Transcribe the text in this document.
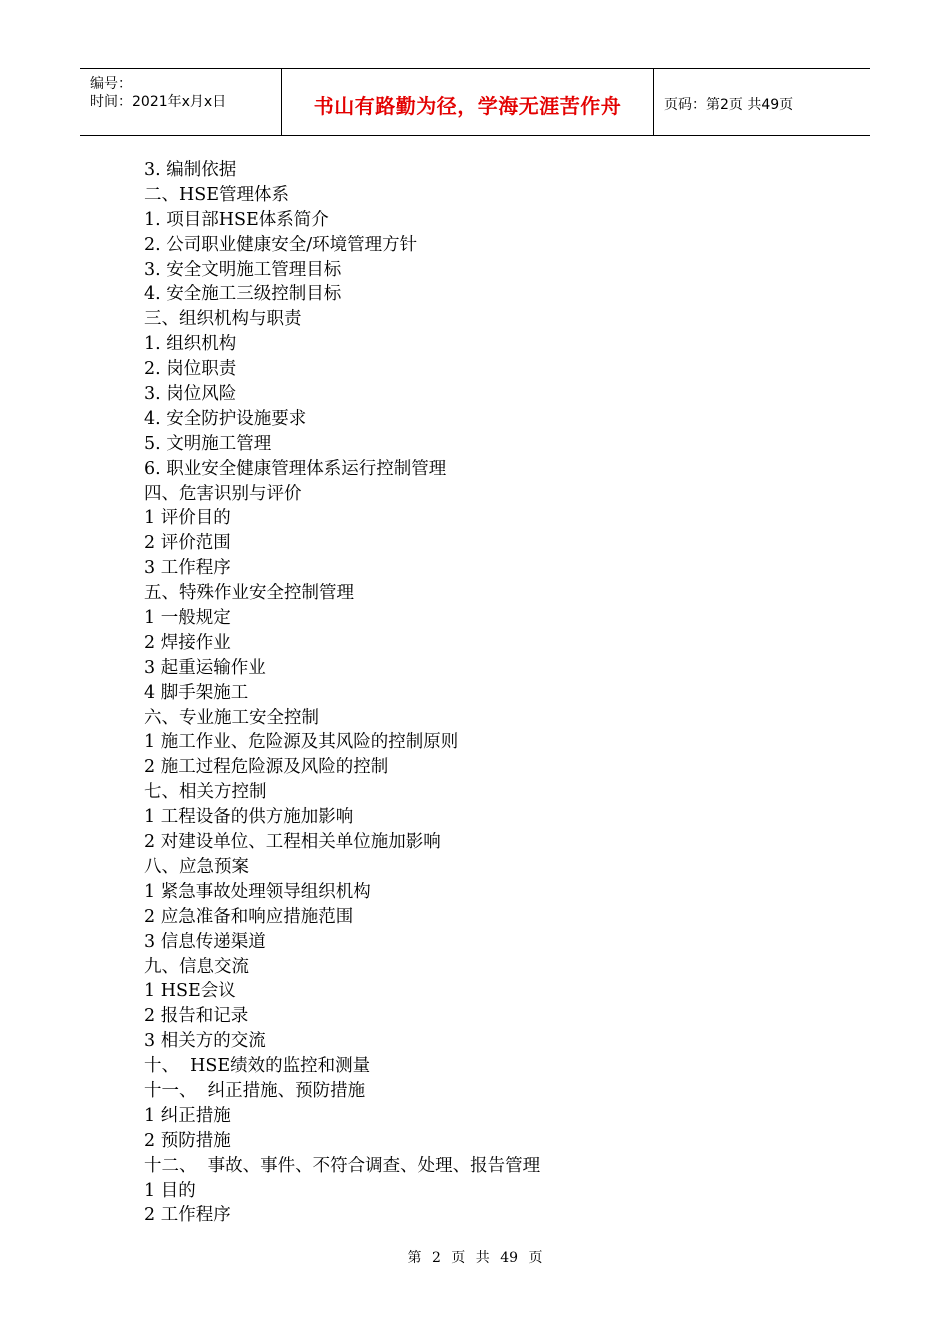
编号：
时间：2021年x月x日	书山有路勤为径，学海无涯苦作舟	页码：第2页 共49页
3. 编制依据
二、HSE管理体系
1. 项目部HSE体系简介
2. 公司职业健康安全/环境管理方针
3. 安全文明施工管理目标
4. 安全施工三级控制目标
三、组织机构与职责
1. 组织机构
2. 岗位职责
3. 岗位风险
4. 安全防护设施要求
5. 文明施工管理
6. 职业安全健康管理体系运行控制管理
四、危害识别与评价
1 评价目的
2 评价范围
3 工作程序
五、特殊作业安全控制管理
1 一般规定
2 焊接作业
3 起重运输作业
4 脚手架施工
六、专业施工安全控制
1 施工作业、危险源及其风险的控制原则
2 施工过程危险源及风险的控制
七、相关方控制
1 工程设备的供方施加影响
2 对建设单位、工程相关单位施加影响
八、应急预案
1 紧急事故处理领导组织机构
2 应急准备和响应措施范围
3 信息传递渠道
九、信息交流
1 HSE会议
2 报告和记录
3 相关方的交流
十、  HSE绩效的监控和测量
十一、  纠正措施、预防措施
1 纠正措施
2 预防措施
十二、  事故、事件、不符合调查、处理、报告管理
1 目的
2 工作程序
第 2 页 共 49 页
